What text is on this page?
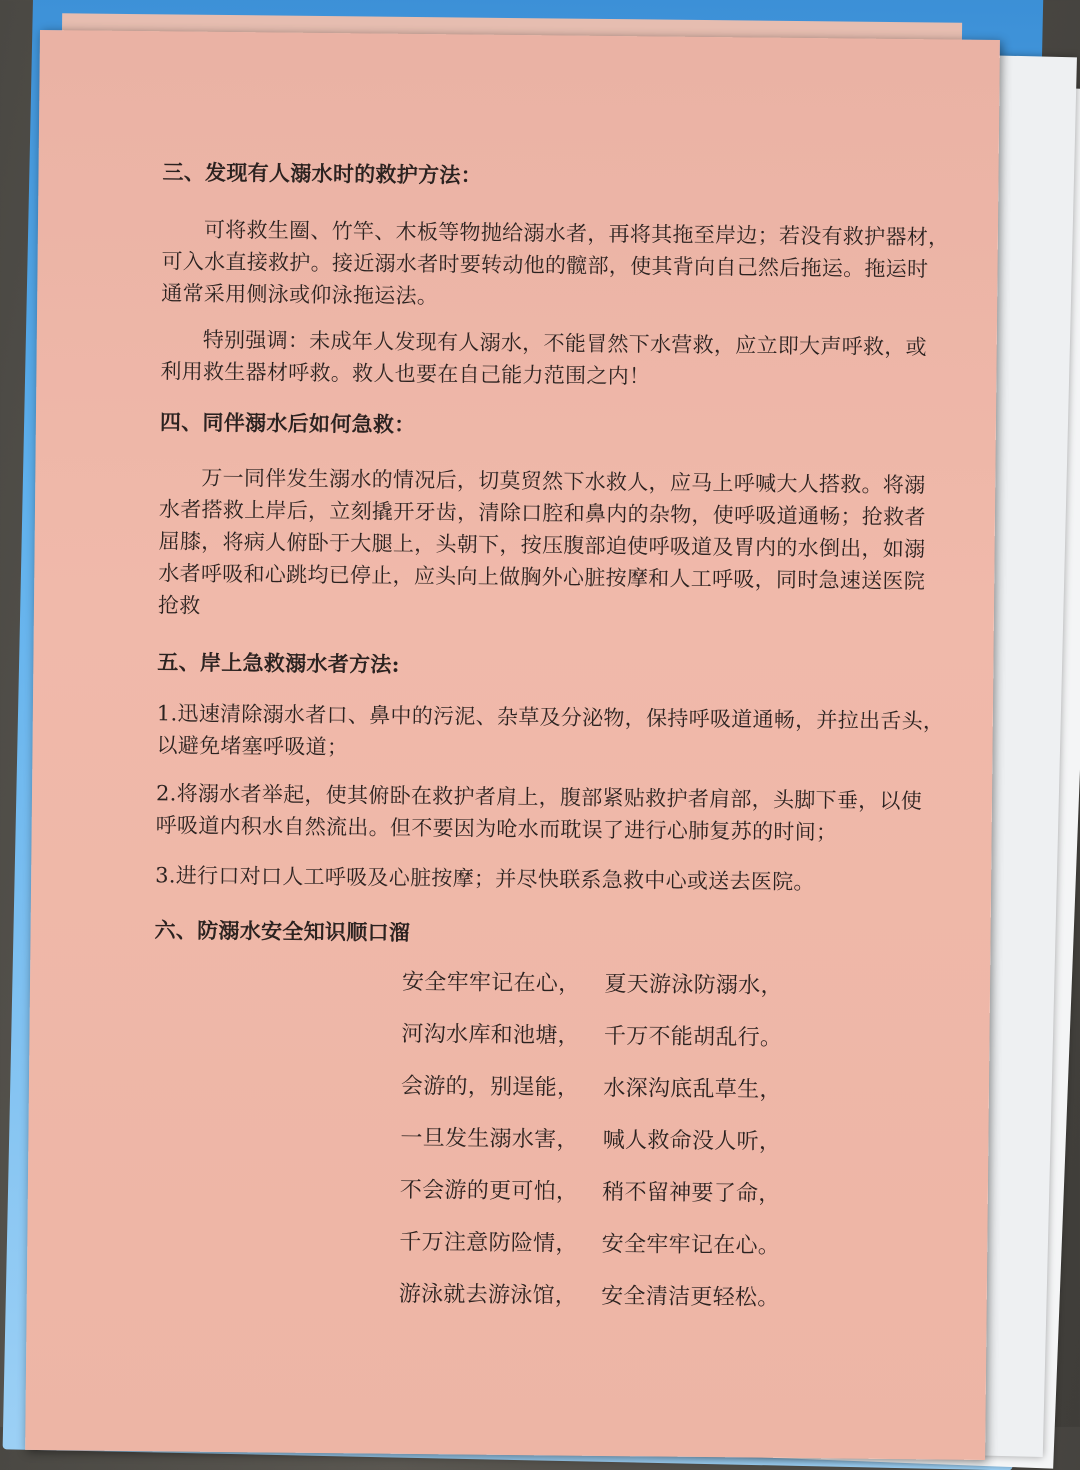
三、发现有人溺水时的救护方法：
可将救生圈、竹竿、木板等物抛给溺水者，再将其拖至岸边；若没有救护器材，
可入水直接救护。接近溺水者时要转动他的髋部，使其背向自己然后拖运。拖运时
通常采用侧泳或仰泳拖运法。
特别强调：未成年人发现有人溺水，不能冒然下水营救，应立即大声呼救，或
利用救生器材呼救。救人也要在自己能力范围之内！
四、同伴溺水后如何急救：
万一同伴发生溺水的情况后，切莫贸然下水救人，应马上呼喊大人搭救。将溺
水者搭救上岸后，立刻撬开牙齿，清除口腔和鼻内的杂物，使呼吸道通畅；抢救者
屈膝，将病人俯卧于大腿上，头朝下，按压腹部迫使呼吸道及胃内的水倒出，如溺
水者呼吸和心跳均已停止，应头向上做胸外心脏按摩和人工呼吸，同时急速送医院
抢救
五、岸上急救溺水者方法:
1.迅速清除溺水者口、鼻中的污泥、杂草及分泌物，保持呼吸道通畅，并拉出舌头，
以避免堵塞呼吸道；
2.将溺水者举起，使其俯卧在救护者肩上，腹部紧贴救护者肩部，头脚下垂，以使
呼吸道内积水自然流出。但不要因为呛水而耽误了进行心肺复苏的时间；
3.进行口对口人工呼吸及心脏按摩；并尽快联系急救中心或送去医院。
六、防溺水安全知识顺口溜
安全牢牢记在心， 夏天游泳防溺水，
河沟水库和池塘， 千万不能胡乱行。
会游的，别逞能， 水深沟底乱草生，
一旦发生溺水害， 喊人救命没人听，
不会游的更可怕， 稍不留神要了命，
千万注意防险情， 安全牢牢记在心。
游泳就去游泳馆， 安全清洁更轻松。
